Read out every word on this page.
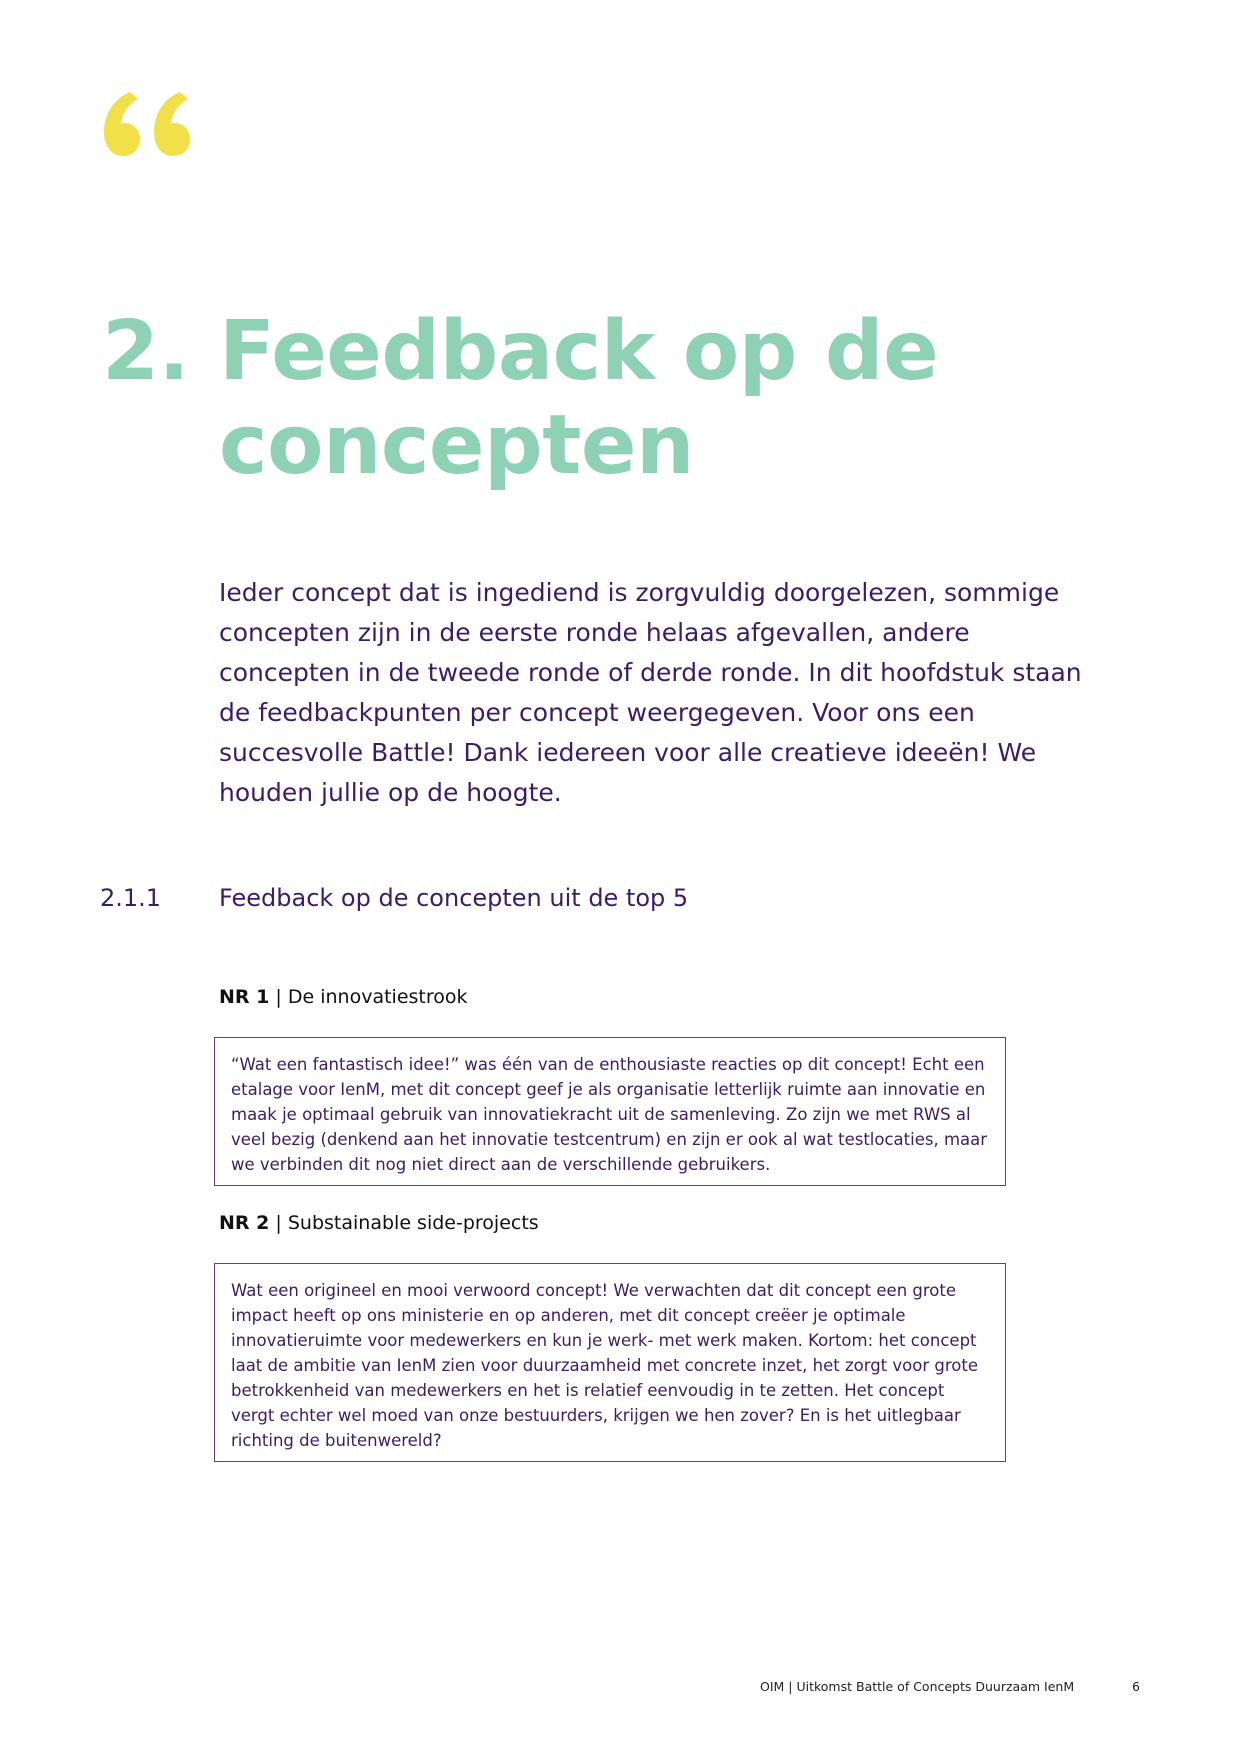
2. Feedback op de concepten

Ieder concept dat is ingediend is zorgvuldig doorgelezen, sommige concepten zijn in de eerste ronde helaas afgevallen, andere concepten in de tweede ronde of derde ronde. In dit hoofdstuk staan de feedbackpunten per concept weergegeven. Voor ons een succesvolle Battle! Dank iedereen voor alle creatieve ideeën! We houden jullie op de hoogte.

2.1.1	Feedback op de concepten uit de top 5
NR 1 | De innovatiestrook

“Wat een fantastisch idee!” was één van de enthousiaste reacties op dit concept! Echt een etalage voor IenM, met dit concept geef je als organisatie letterlijk ruimte aan innovatie en maak je optimaal gebruik van innovatiekracht uit de samenleving. Zo zijn we met RWS al veel bezig (denkend aan het innovatie testcentrum) en zijn er ook al wat testlocaties, maar we verbinden dit nog niet direct aan de verschillende gebruikers.

NR 2 | Substainable side-projects

Wat een origineel en mooi verwoord concept! We verwachten dat dit concept een grote impact heeft op ons ministerie en op anderen, met dit concept creëer je optimale innovatieruimte voor medewerkers en kun je werk- met werk maken. Kortom: het concept laat de ambitie van IenM zien voor duurzaamheid met concrete inzet, het zorgt voor grote betrokkenheid van medewerkers en het is relatief eenvoudig in te zetten. Het concept vergt echter wel moed van onze bestuurders, krijgen we hen zover? En is het uitlegbaar richting de buitenwereld?

OIM | Uitkomst Battle of Concepts Duurzaam IenM	6
